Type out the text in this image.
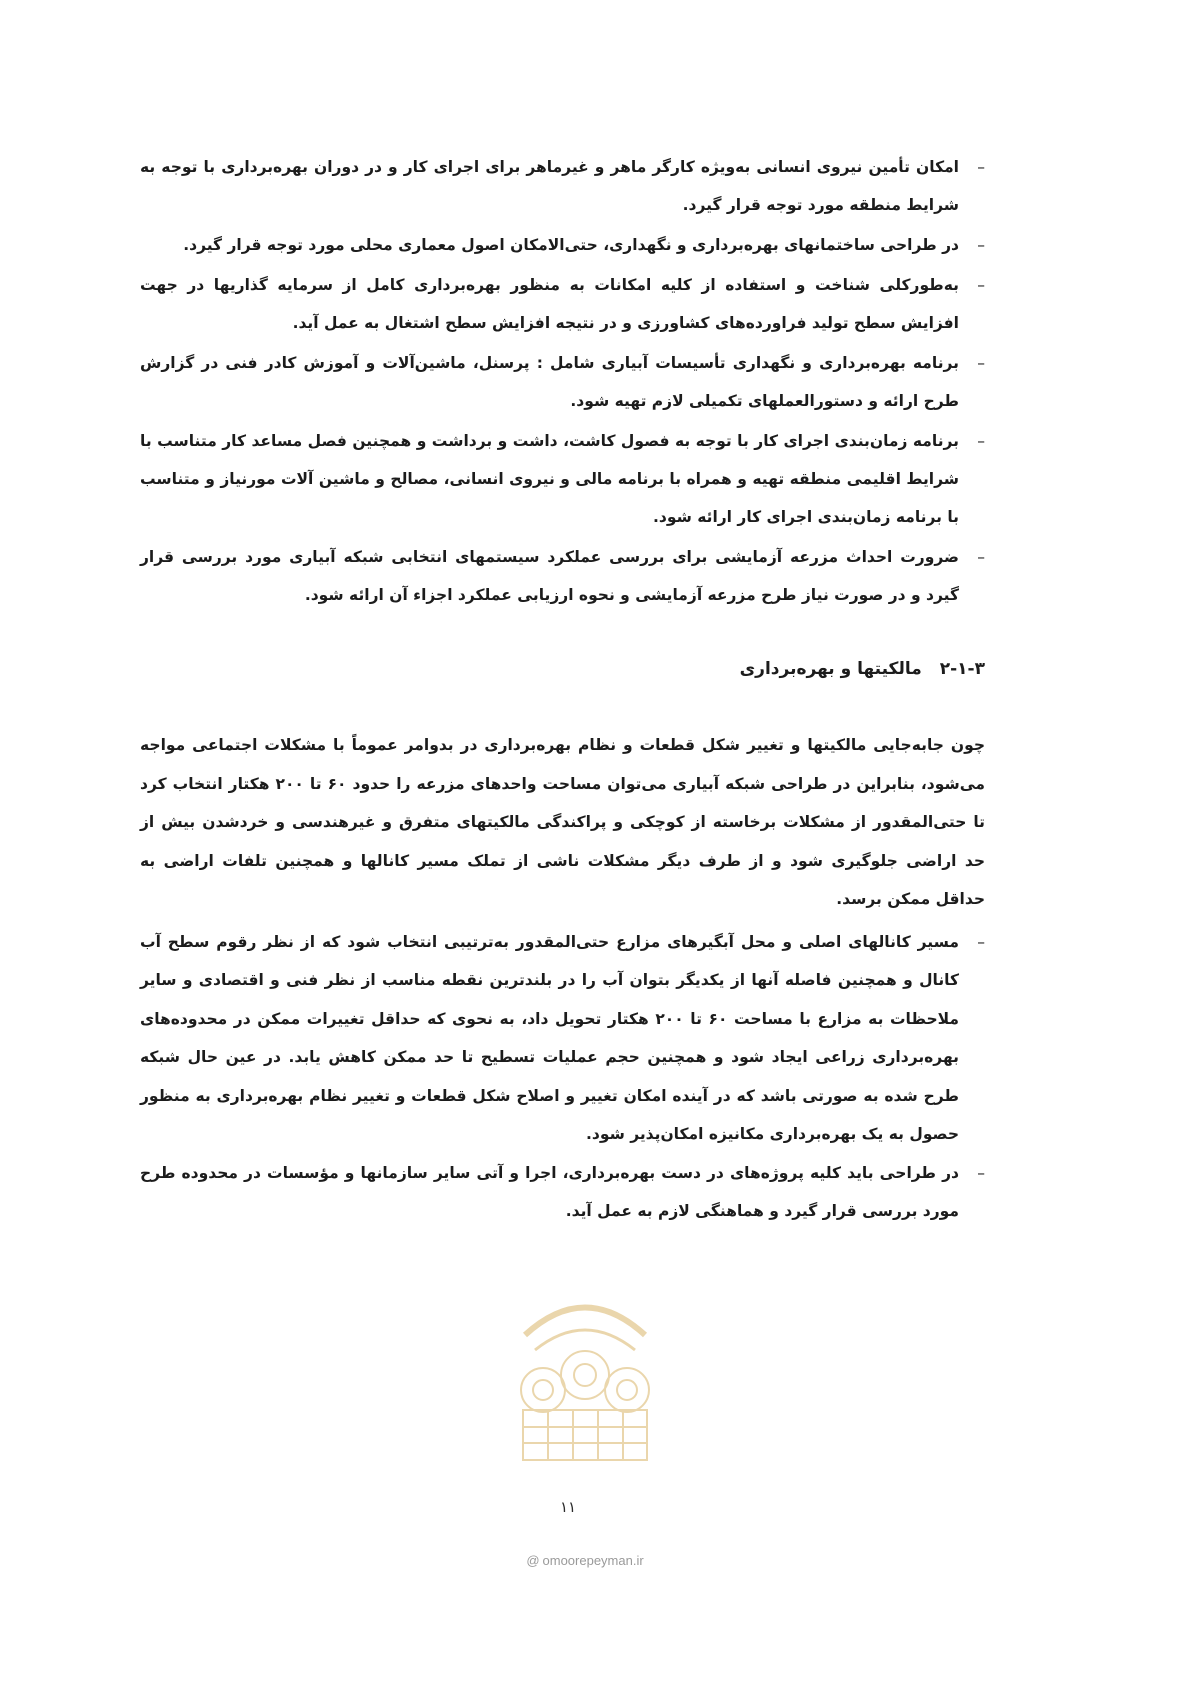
–
امکان تأمین نیروی انسانی به‌ویژه کارگر ماهر و غیرماهر برای اجرای کار و در دوران بهره‌برداری با توجه به شرایط منطقه مورد توجه قرار گیرد.

–
در طراحی ساختمانهای بهره‌برداری و نگهداری، حتی‌الامکان اصول معماری محلی مورد توجه قرار گیرد.

–
به‌طورکلی شناخت و استفاده از کلیه امکانات به منظور بهره‌برداری کامل از سرمایه گذاریها در جهت افزایش سطح تولید فراورده‌های کشاورزی و در نتیجه افزایش سطح اشتغال به عمل آید.

–
برنامه بهره‌برداری و نگهداری تأسیسات آبیاری شامل : پرسنل، ماشین‌آلات و آموزش کادر فنی در گزارش طرح ارائه و دستورالعملهای تکمیلی لازم تهیه شود.

–
برنامه زمان‌بندی اجرای کار با توجه به فصول کاشت، داشت و برداشت و همچنین فصل مساعد کار متناسب با شرایط اقلیمی منطقه تهیه و همراه با برنامه مالی و نیروی انسانی، مصالح و ماشین آلات مورنیاز و متناسب با برنامه زمان‌بندی اجرای کار ارائه شود.

–
ضرورت احداث مزرعه آزمایشی برای بررسی عملکرد سیستمهای انتخابی شبکه آبیاری مورد بررسی قرار گیرد و در صورت نیاز طرح مزرعه آزمایشی و نحوه ارزیابی عملکرد اجزاء آن ارائه شود.

۲-۱-۳
مالکیتها و بهره‌برداری

چون جابه‌جایی مالکیتها و تغییر شکل قطعات و نظام بهره‌برداری در بدوامر عموماً با مشکلات اجتماعی مواجه می‌شود، بنابراین در طراحی شبکه آبیاری می‌توان مساحت واحدهای مزرعه را حدود ۶۰ تا ۲۰۰ هکتار انتخاب کرد تا حتی‌المقدور از مشکلات برخاسته از کوچکی و پراکندگی مالکیتهای متفرق و غیرهندسی و خردشدن بیش از حد اراضی جلوگیری شود و از طرف دیگر مشکلات ناشی از تملک مسیر کانالها و همچنین تلفات اراضی به حداقل ممکن برسد.

–
مسیر کانالهای اصلی و محل آبگیرهای مزارع حتی‌المقدور به‌ترتیبی انتخاب شود که از نظر رقوم سطح آب کانال و همچنین فاصله آنها از یکدیگر بتوان آب را در بلندترین نقطه مناسب از نظر فنی و اقتصادی و سایر ملاحظات به مزارع با مساحت ۶۰ تا ۲۰۰ هکتار تحویل داد، به نحوی که حداقل تغییرات ممکن در محدوده‌های بهره‌برداری زراعی ایجاد شود و همچنین حجم عملیات تسطیح تا حد ممکن کاهش یابد. در عین حال شبکه طرح شده به صورتی باشد که در آینده امکان تغییر و اصلاح شکل قطعات و تغییر نظام بهره‌برداری به منظور حصول به یک بهره‌برداری مکانیزه امکان‌پذیر شود.

–
در طراحی باید کلیه پروژه‌های در دست بهره‌برداری، اجرا و آتی سایر سازمانها و مؤسسات در محدوده طرح مورد بررسی قرار گیرد و هماهنگی لازم به عمل آید.

۱۱
@ omoorepeyman.ir
